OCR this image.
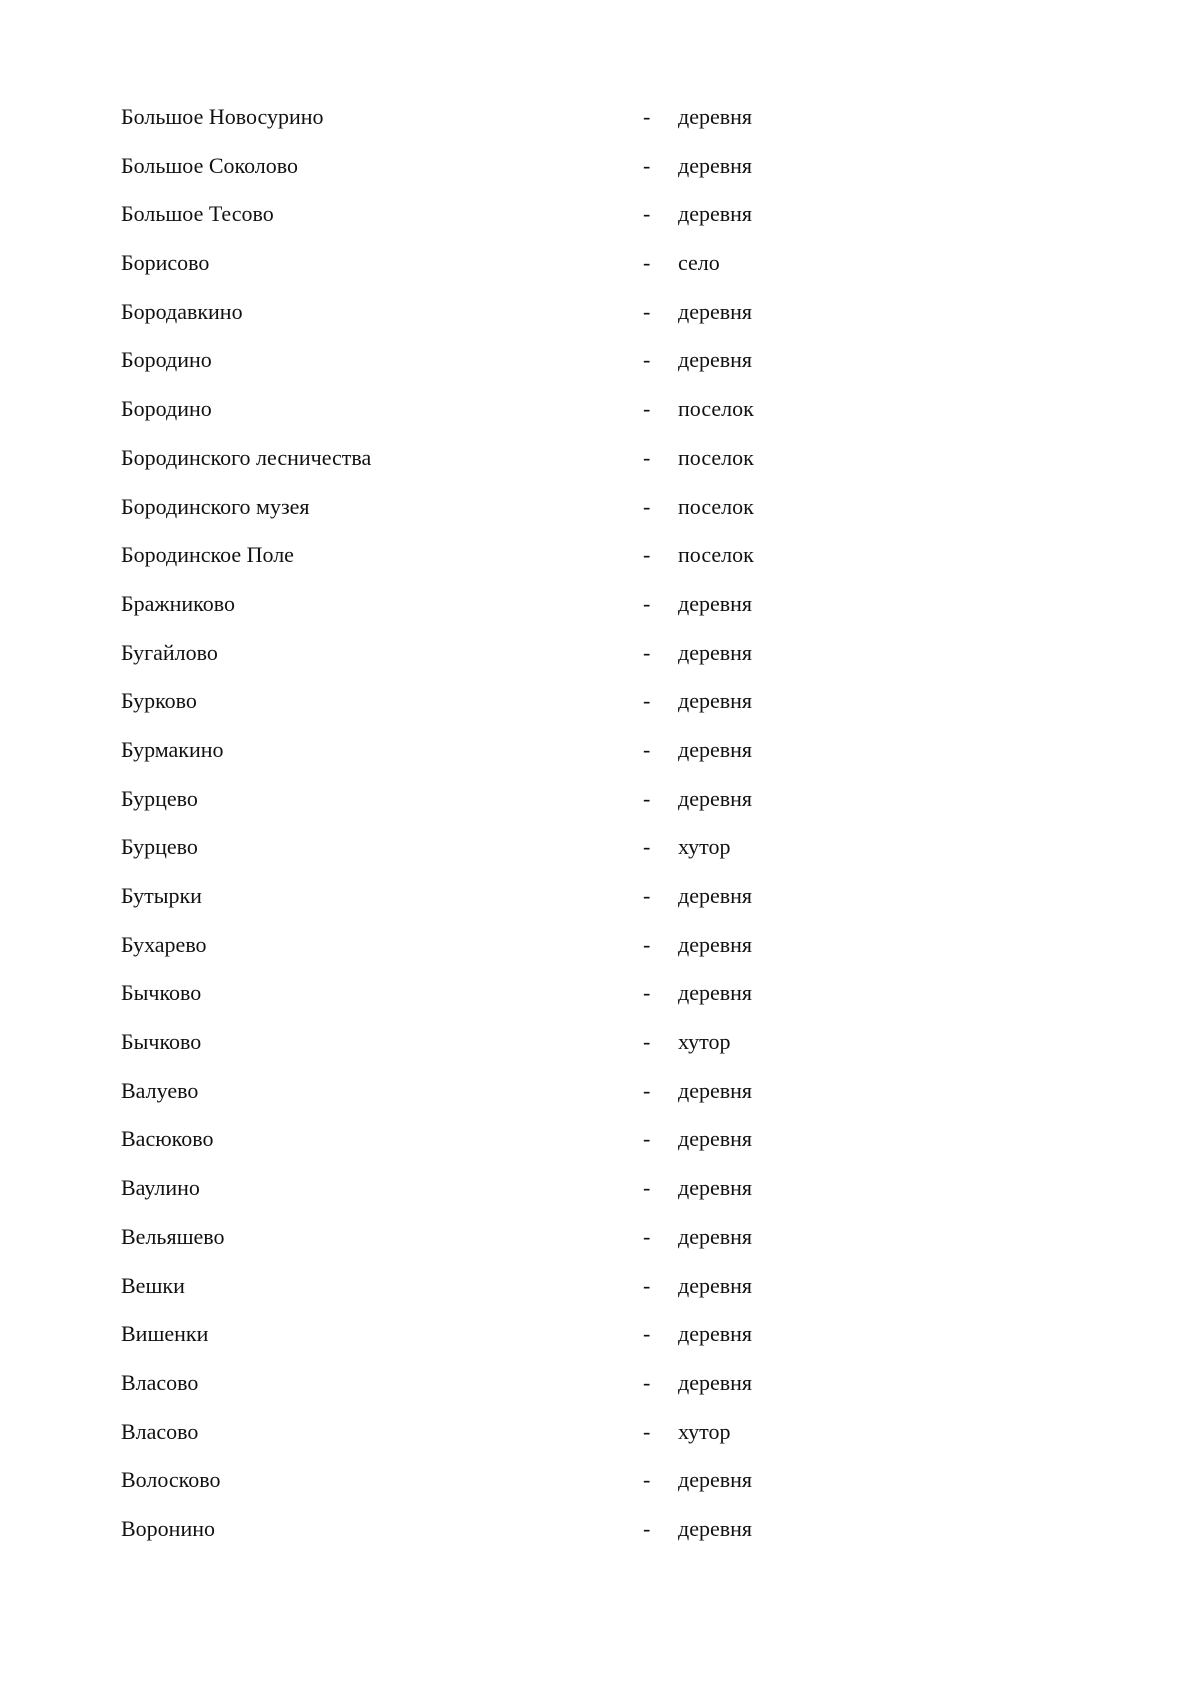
Большое Новосурино	- деревня
Большое Соколово	- деревня
Большое Тесово	- деревня
Борисово	- село
Бородавкино	- деревня
Бородино	- деревня
Бородино	- поселок
Бородинского лесничества	- поселок
Бородинского музея	- поселок
Бородинское Поле	- поселок
Бражниково	- деревня
Бугайлово	- деревня
Бурково	- деревня
Бурмакино	- деревня
Бурцево	- деревня
Бурцево	- хутор
Бутырки	- деревня
Бухарево	- деревня
Бычково	- деревня
Бычково	- хутор
Валуево	- деревня
Васюково	- деревня
Ваулино	- деревня
Вельяшево	- деревня
Вешки	- деревня
Вишенки	- деревня
Власово	- деревня
Власово	- хутор
Волосково	- деревня
Воронино	- деревня
